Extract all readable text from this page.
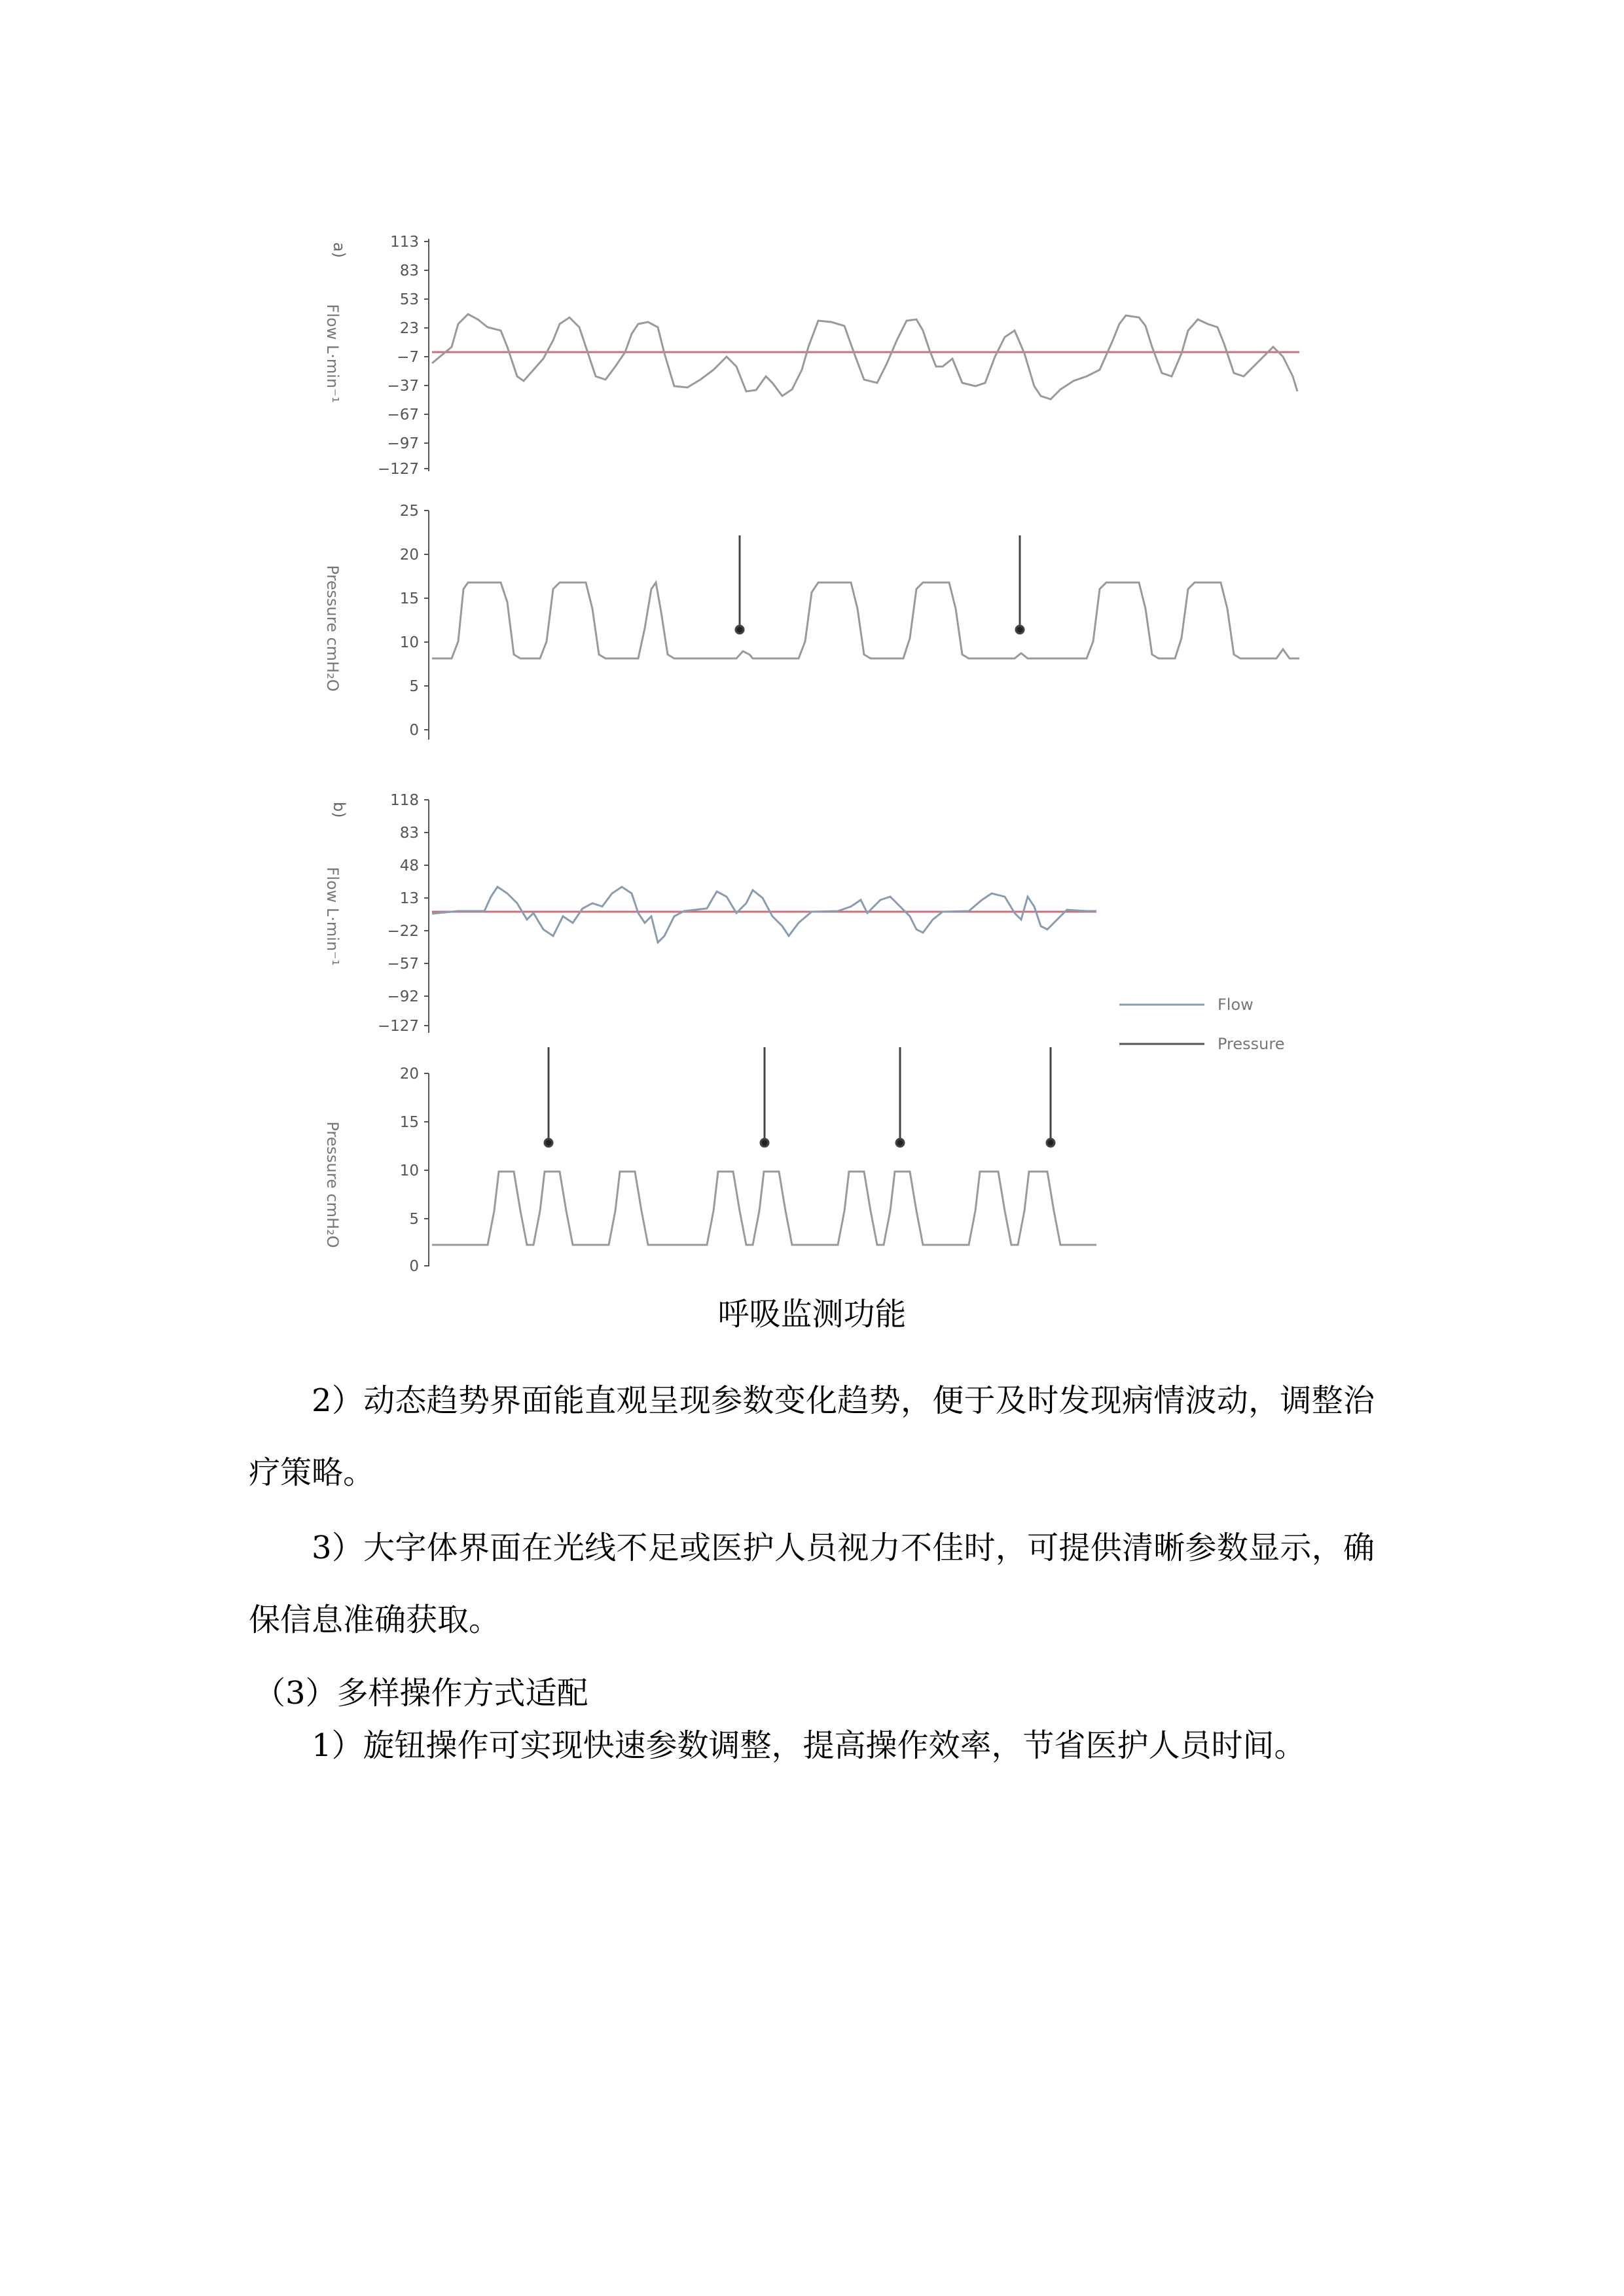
a)
b)
Flow L·min⁻¹
Pressure cmH₂O
Flow L·min⁻¹
Pressure cmH₂O
113
83
53
23
−7
−37
−67
−97
−127
25
20
15
10
5
0
118
83
48
13
−22
−57
−92
−127
20
15
10
5
0
Flow
Pressure
呼吸监测功能

2）动态趋势界面能直观呈现参数变化趋势，便于及时发现病情波动，调整治疗策略。

3）大字体界面在光线不足或医护人员视力不佳时，可提供清晰参数显示，确保信息准确获取。

（3）多样操作方式适配

1）旋钮操作可实现快速参数调整，提高操作效率，节省医护人员时间。
